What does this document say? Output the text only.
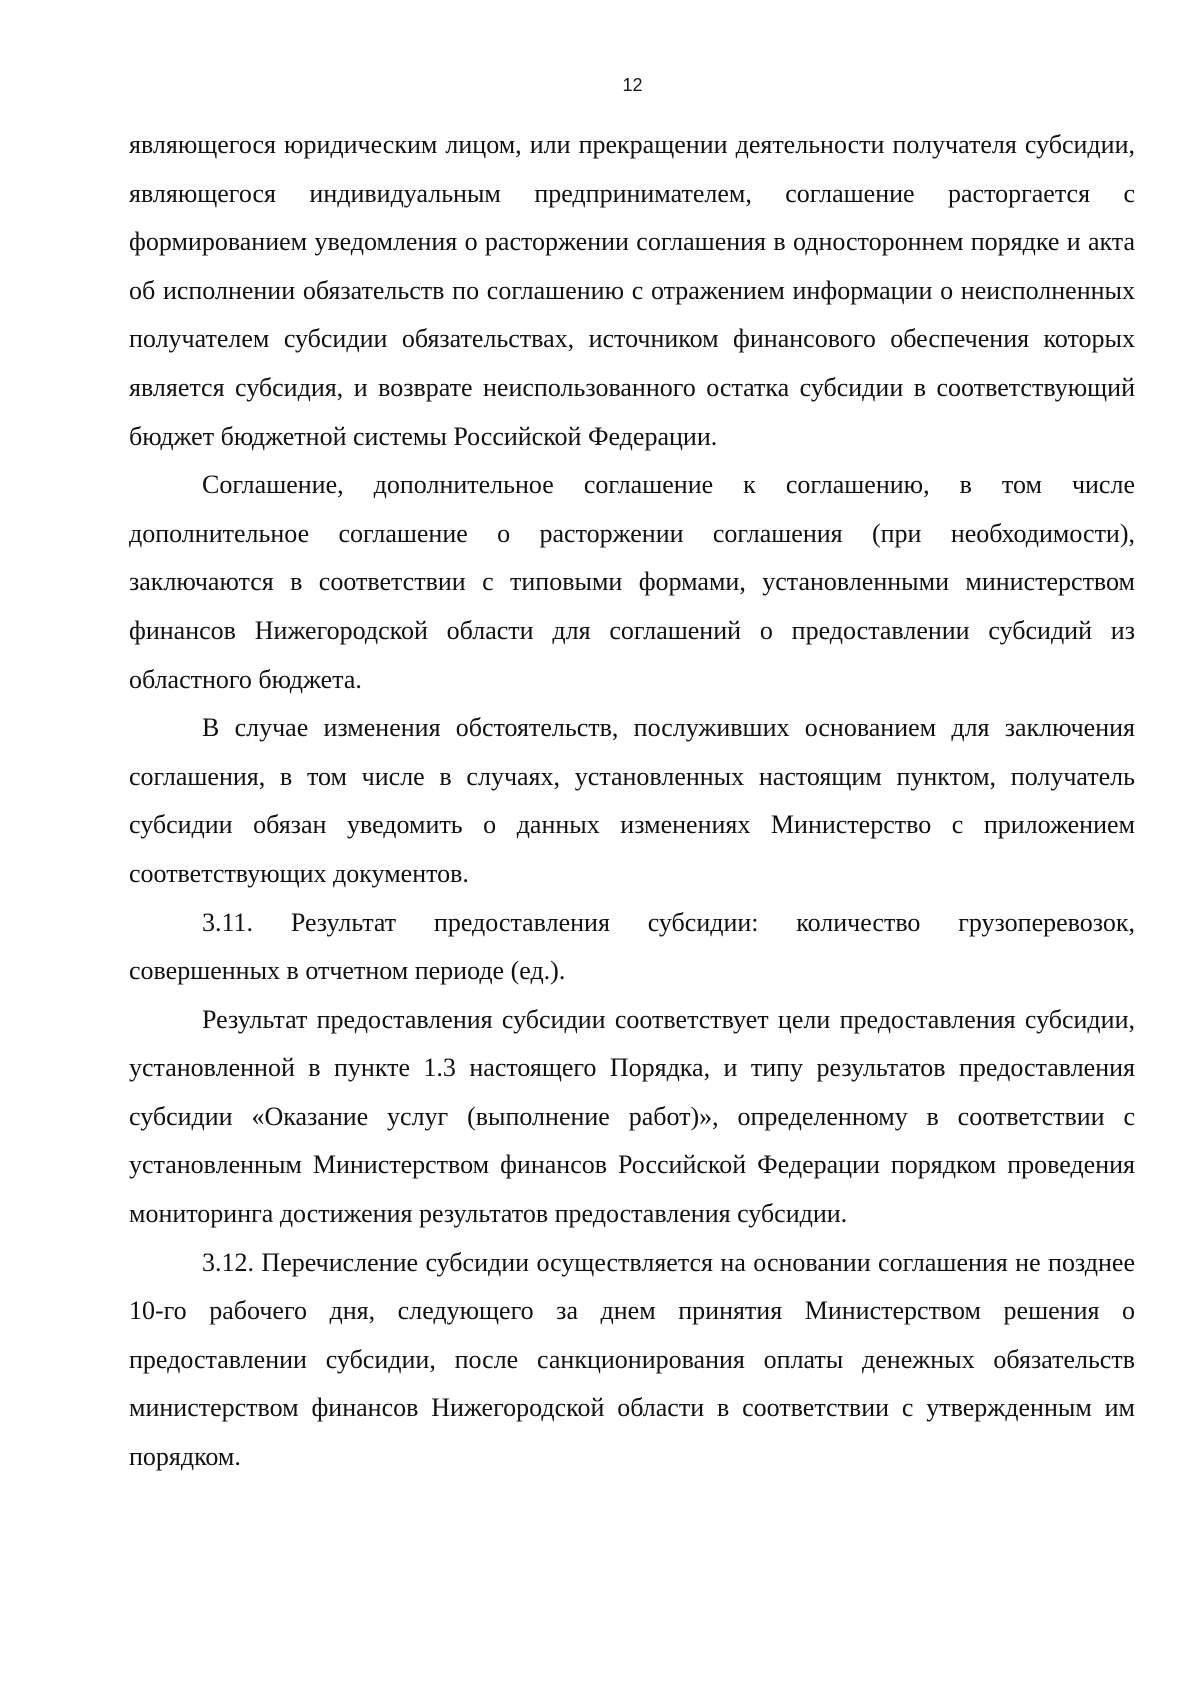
12

являющегося юридическим лицом, или прекращении деятельности получателя субсидии, являющегося индивидуальным предпринимателем, соглашение расторгается с формированием уведомления о расторжении соглашения в одностороннем порядке и акта об исполнении обязательств по соглашению с отражением информации о неисполненных получателем субсидии обязательствах, источником финансового обеспечения которых является субсидия, и возврате неиспользованного остатка субсидии в соответствующий бюджет бюджетной системы Российской Федерации.

Соглашение, дополнительное соглашение к соглашению, в том числе дополнительное соглашение о расторжении соглашения (при необходимости), заключаются в соответствии с типовыми формами, установленными министерством финансов Нижегородской области для соглашений о предоставлении субсидий из областного бюджета.

В случае изменения обстоятельств, послуживших основанием для заключения соглашения, в том числе в случаях, установленных настоящим пунктом, получатель субсидии обязан уведомить о данных изменениях Министерство с приложением соответствующих документов.

3.11. Результат предоставления субсидии: количество грузоперевозок, совершенных в отчетном периоде (ед.).

Результат предоставления субсидии соответствует цели предоставления субсидии, установленной в пункте 1.3 настоящего Порядка, и типу результатов предоставления субсидии «Оказание услуг (выполнение работ)», определенному в соответствии с установленным Министерством финансов Российской Федерации порядком проведения мониторинга достижения результатов предоставления субсидии.

3.12. Перечисление субсидии осуществляется на основании соглашения не позднее 10-го рабочего дня, следующего за днем принятия Министерством решения о предоставлении субсидии, после санкционирования оплаты денежных обязательств министерством финансов Нижегородской области в соответствии с утвержденным им порядком.
